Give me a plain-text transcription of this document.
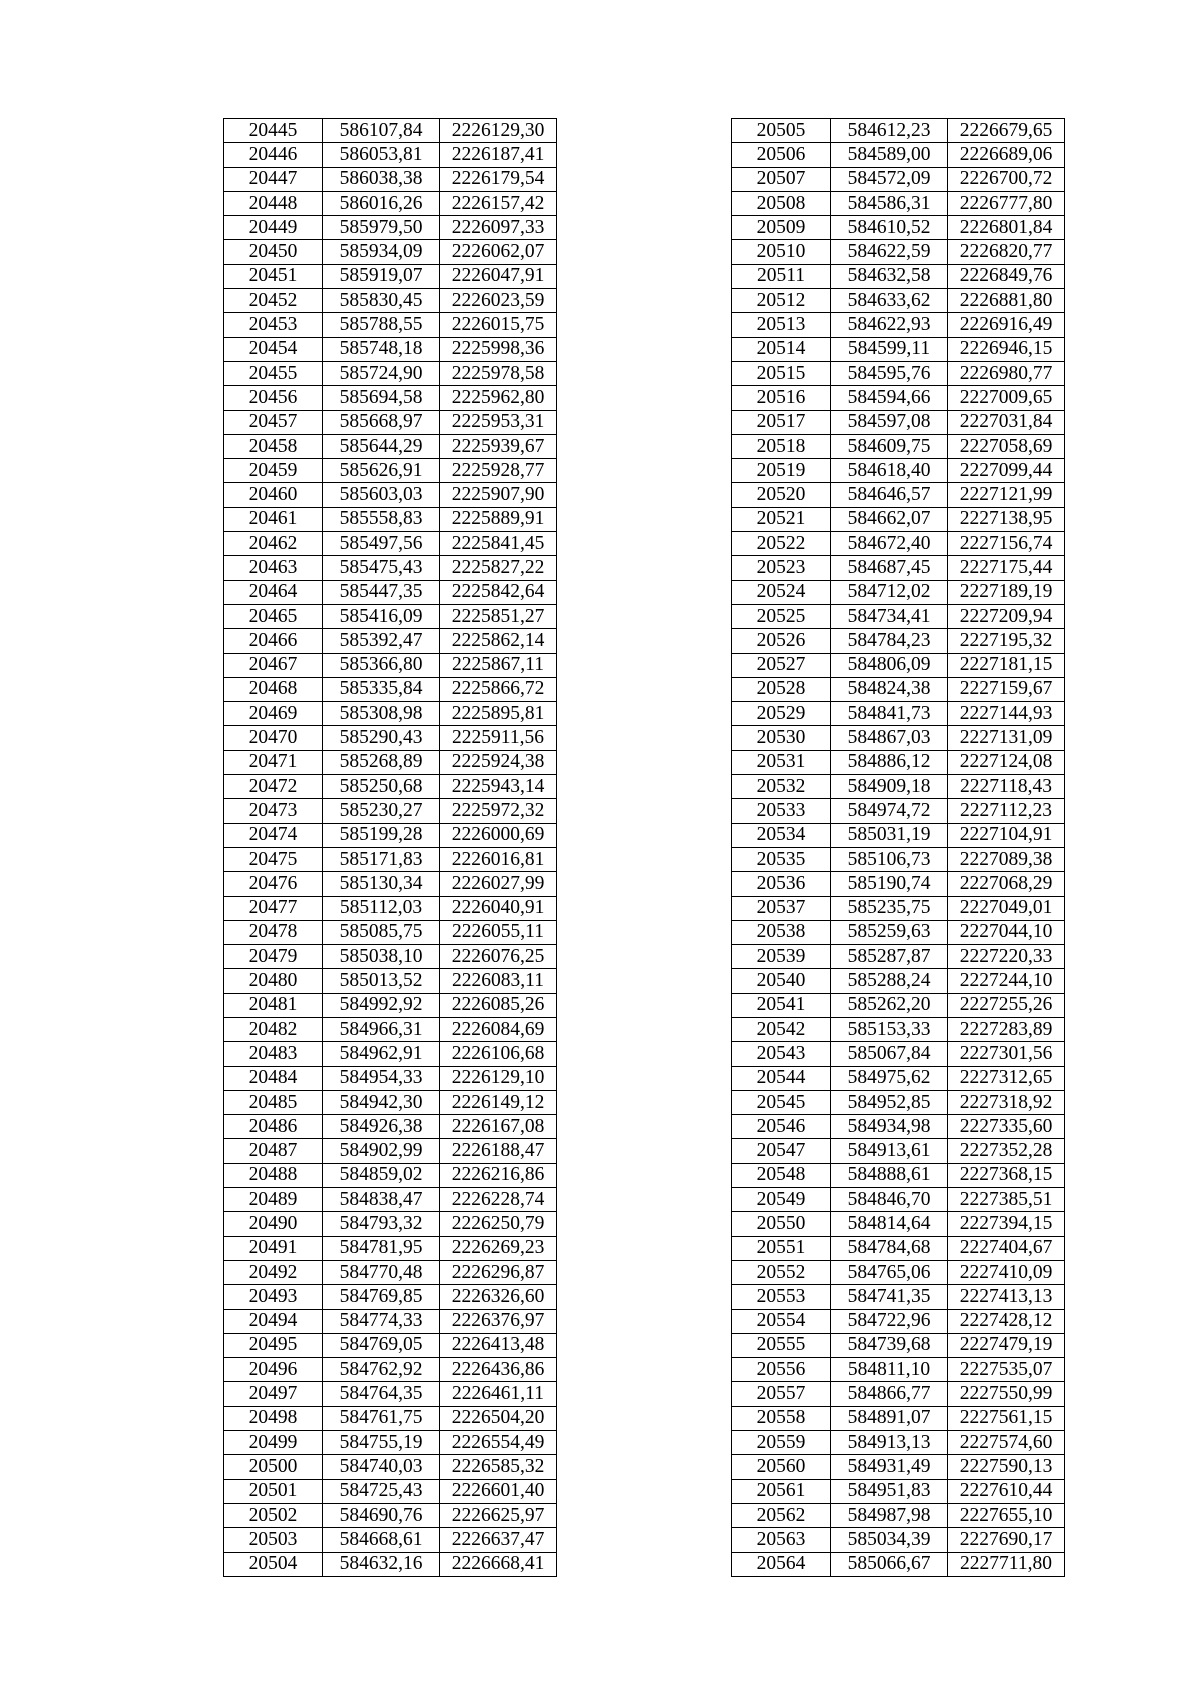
20445	586107,84	2226129,30
20446	586053,81	2226187,41
20447	586038,38	2226179,54
20448	586016,26	2226157,42
20449	585979,50	2226097,33
20450	585934,09	2226062,07
20451	585919,07	2226047,91
20452	585830,45	2226023,59
20453	585788,55	2226015,75
20454	585748,18	2225998,36
20455	585724,90	2225978,58
20456	585694,58	2225962,80
20457	585668,97	2225953,31
20458	585644,29	2225939,67
20459	585626,91	2225928,77
20460	585603,03	2225907,90
20461	585558,83	2225889,91
20462	585497,56	2225841,45
20463	585475,43	2225827,22
20464	585447,35	2225842,64
20465	585416,09	2225851,27
20466	585392,47	2225862,14
20467	585366,80	2225867,11
20468	585335,84	2225866,72
20469	585308,98	2225895,81
20470	585290,43	2225911,56
20471	585268,89	2225924,38
20472	585250,68	2225943,14
20473	585230,27	2225972,32
20474	585199,28	2226000,69
20475	585171,83	2226016,81
20476	585130,34	2226027,99
20477	585112,03	2226040,91
20478	585085,75	2226055,11
20479	585038,10	2226076,25
20480	585013,52	2226083,11
20481	584992,92	2226085,26
20482	584966,31	2226084,69
20483	584962,91	2226106,68
20484	584954,33	2226129,10
20485	584942,30	2226149,12
20486	584926,38	2226167,08
20487	584902,99	2226188,47
20488	584859,02	2226216,86
20489	584838,47	2226228,74
20490	584793,32	2226250,79
20491	584781,95	2226269,23
20492	584770,48	2226296,87
20493	584769,85	2226326,60
20494	584774,33	2226376,97
20495	584769,05	2226413,48
20496	584762,92	2226436,86
20497	584764,35	2226461,11
20498	584761,75	2226504,20
20499	584755,19	2226554,49
20500	584740,03	2226585,32
20501	584725,43	2226601,40
20502	584690,76	2226625,97
20503	584668,61	2226637,47
20504	584632,16	2226668,41
20505	584612,23	2226679,65
20506	584589,00	2226689,06
20507	584572,09	2226700,72
20508	584586,31	2226777,80
20509	584610,52	2226801,84
20510	584622,59	2226820,77
20511	584632,58	2226849,76
20512	584633,62	2226881,80
20513	584622,93	2226916,49
20514	584599,11	2226946,15
20515	584595,76	2226980,77
20516	584594,66	2227009,65
20517	584597,08	2227031,84
20518	584609,75	2227058,69
20519	584618,40	2227099,44
20520	584646,57	2227121,99
20521	584662,07	2227138,95
20522	584672,40	2227156,74
20523	584687,45	2227175,44
20524	584712,02	2227189,19
20525	584734,41	2227209,94
20526	584784,23	2227195,32
20527	584806,09	2227181,15
20528	584824,38	2227159,67
20529	584841,73	2227144,93
20530	584867,03	2227131,09
20531	584886,12	2227124,08
20532	584909,18	2227118,43
20533	584974,72	2227112,23
20534	585031,19	2227104,91
20535	585106,73	2227089,38
20536	585190,74	2227068,29
20537	585235,75	2227049,01
20538	585259,63	2227044,10
20539	585287,87	2227220,33
20540	585288,24	2227244,10
20541	585262,20	2227255,26
20542	585153,33	2227283,89
20543	585067,84	2227301,56
20544	584975,62	2227312,65
20545	584952,85	2227318,92
20546	584934,98	2227335,60
20547	584913,61	2227352,28
20548	584888,61	2227368,15
20549	584846,70	2227385,51
20550	584814,64	2227394,15
20551	584784,68	2227404,67
20552	584765,06	2227410,09
20553	584741,35	2227413,13
20554	584722,96	2227428,12
20555	584739,68	2227479,19
20556	584811,10	2227535,07
20557	584866,77	2227550,99
20558	584891,07	2227561,15
20559	584913,13	2227574,60
20560	584931,49	2227590,13
20561	584951,83	2227610,44
20562	584987,98	2227655,10
20563	585034,39	2227690,17
20564	585066,67	2227711,80
